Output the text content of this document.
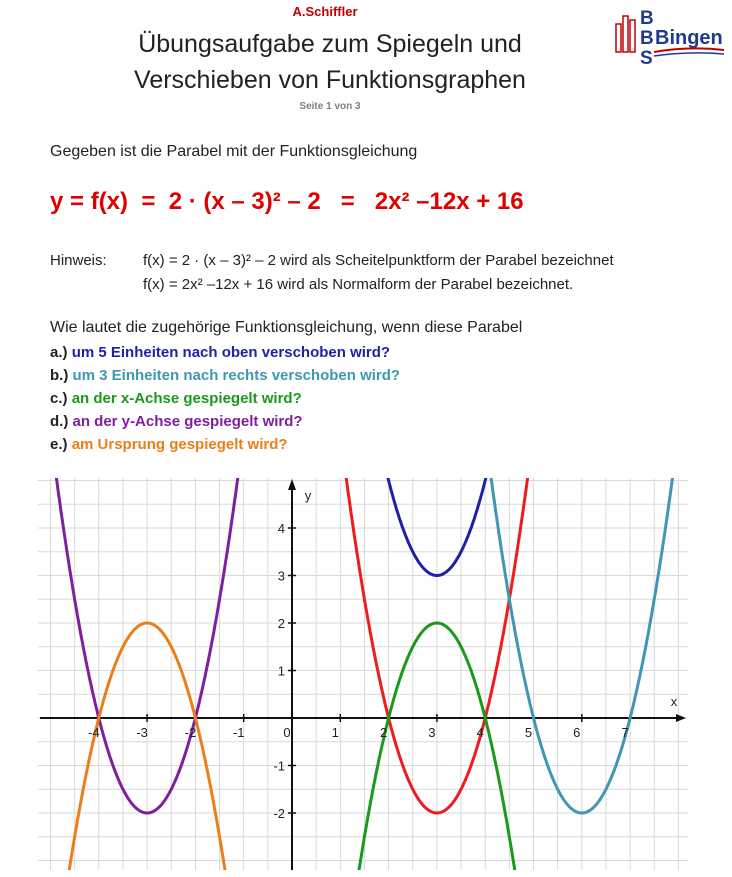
A.Schiffler
Übungsaufgabe zum Spiegeln und
Verschieben von Funktionsgraphen
Seite 1 von 3
B
B
S
Bingen
Gegeben ist die Parabel mit der Funktionsgleichung
y = f(x)  =  2 · (x – 3)² – 2   =   2x² –12x + 16
Hinweis: f(x) = 2 · (x – 3)² – 2 wird als Scheitelpunktform der Parabel bezeichnet
f(x) = 2x² –12x + 16 wird als Normalform der Parabel bezeichnet.
Wie lautet die zugehörige Funktionsgleichung, wenn diese Parabel
a.) um 5 Einheiten nach oben verschoben wird?
b.) um 3 Einheiten nach rechts verschoben wird?
c.) an der x-Achse gespiegelt wird?
d.) an der y-Achse gespiegelt wird?
e.) am Ursprung gespiegelt wird?
-4	-3	-2	-1	0	1	2	3	4	5	6	7
-2
-1
1
2
3
4
x
y
